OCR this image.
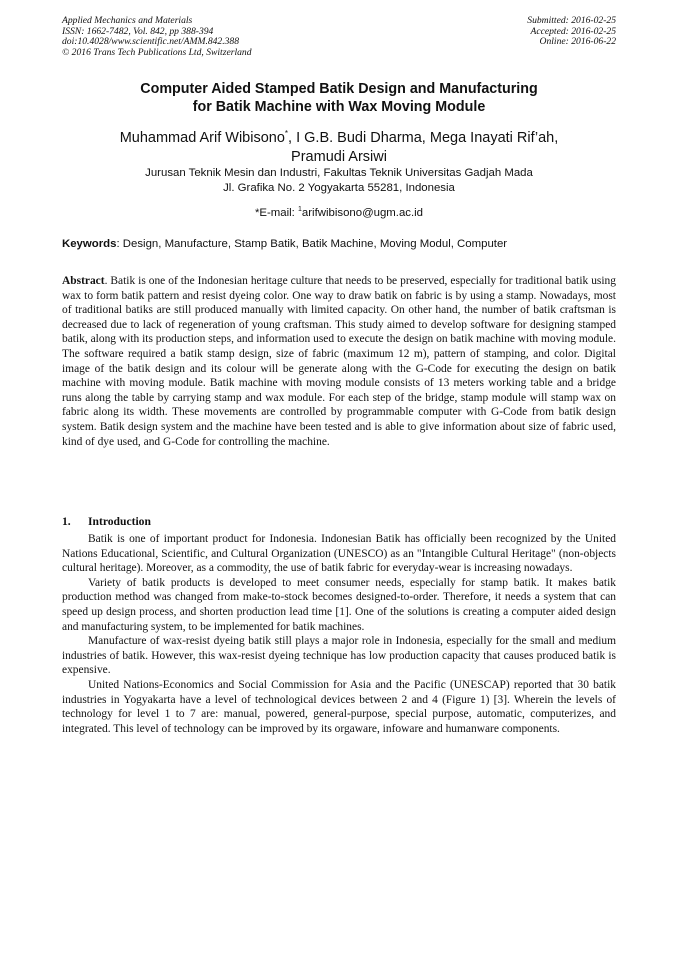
Applied Mechanics and Materials
ISSN: 1662-7482, Vol. 842, pp 388-394
doi:10.4028/www.scientific.net/AMM.842.388
© 2016 Trans Tech Publications Ltd, Switzerland
Submitted: 2016-02-25
Accepted: 2016-02-25
Online: 2016-06-22
Computer Aided Stamped Batik Design and Manufacturing
for Batik Machine with Wax Moving Module
Muhammad Arif Wibisono*, I G.B. Budi Dharma, Mega Inayati Rif’ah,
Pramudi Arsiwi
Jurusan Teknik Mesin dan Industri, Fakultas Teknik Universitas Gadjah Mada
Jl. Grafika No. 2 Yogyakarta 55281, Indonesia
*E-mail: $^1$arifwibisono@ugm.ac.id
Keywords: Design, Manufacture, Stamp Batik, Batik Machine, Moving Modul, Computer
Abstract. Batik is one of the Indonesian heritage culture that needs to be preserved, especially for traditional batik using wax to form batik pattern and resist dyeing color. One way to draw batik on fabric is by using a stamp. Nowadays, most of traditional batiks are still produced manually with limited capacity. On other hand, the number of batik craftsman is decreased due to lack of regeneration of young craftsman. This study aimed to develop software for designing stamped batik, along with its production steps, and information used to execute the design on batik machine with moving module. The software required a batik stamp design, size of fabric (maximum 12 m), pattern of stamping, and color. Digital image of the batik design and its colour will be generate along with the G-Code for executing the design on batik machine with moving module. Batik machine with moving module consists of 13 meters working table and a bridge runs along the table by carrying stamp and wax module. For each step of the bridge, stamp module will stamp wax on fabric along its width. These movements are controlled by programmable computer with G-Code from batik design system. Batik design system and the machine have been tested and is able to give information about size of fabric used, kind of dye used, and G-Code for controlling the machine.
1. Introduction

Batik is one of important product for Indonesia. Indonesian Batik has officially been recognized by the United Nations Educational, Scientific, and Cultural Organization (UNESCO) as an "Intangible Cultural Heritage" (non-objects cultural heritage). Moreover, as a commodity, the use of batik fabric for everyday-wear is increasing nowadays.

Variety of batik products is developed to meet consumer needs, especially for stamp batik. It makes batik production method was changed from make-to-stock becomes designed-to-order. Therefore, it needs a system that can speed up design process, and shorten production lead time [1]. One of the solutions is creating a computer aided design and manufacturing system, to be implemented for batik machines.

Manufacture of wax-resist dyeing batik still plays a major role in Indonesia, especially for the small and medium industries of batik. However, this wax-resist dyeing technique has low production capacity that causes produced batik is expensive.

United Nations-Economics and Social Commission for Asia and the Pacific (UNESCAP) reported that 30 batik industries in Yogyakarta have a level of technological devices between 2 and 4 (Figure 1) [3]. Wherein the levels of technology for level 1 to 7 are: manual, powered, general-purpose, special purpose, automatic, computerizes, and integrated. This level of technology can be improved by its orgaware, infoware and humanware components.
